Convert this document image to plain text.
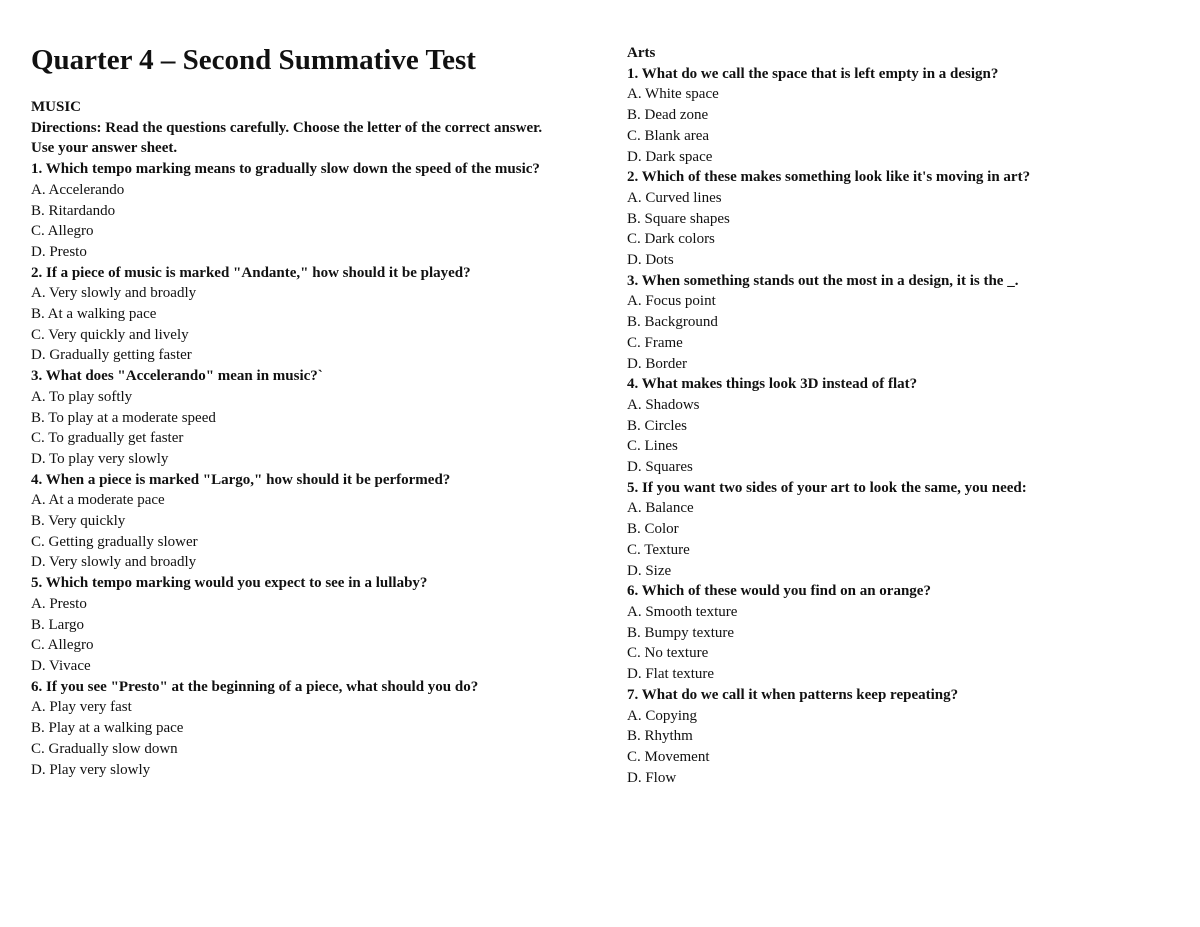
Quarter 4 – Second Summative Test

MUSIC

Directions: Read the questions carefully. Choose the letter of the correct answer. Use your answer sheet.

1. Which tempo marking means to gradually slow down the speed of the music?

A. Accelerando

B. Ritardando

C. Allegro

D. Presto

2. If a piece of music is marked "Andante," how should it be played?

A. Very slowly and broadly

B. At a walking pace

C. Very quickly and lively

D. Gradually getting faster

3. What does "Accelerando" mean in music?`

A. To play softly

B. To play at a moderate speed

C. To gradually get faster

D. To play very slowly

4. When a piece is marked "Largo," how should it be performed?

A. At a moderate pace

B. Very quickly

C. Getting gradually slower

D. Very slowly and broadly

5. Which tempo marking would you expect to see in a lullaby?

A. Presto

B. Largo

C. Allegro

D. Vivace

6. If you see "Presto" at the beginning of a piece, what should you do?

A. Play very fast

B. Play at a walking pace

C. Gradually slow down

D. Play very slowly

Arts

1. What do we call the space that is left empty in a design?

A. White space

B. Dead zone

C. Blank area

D. Dark space

2. Which of these makes something look like it's moving in art?

A. Curved lines

B. Square shapes

C. Dark colors

D. Dots

3. When something stands out the most in a design, it is the _.

A. Focus point

B. Background

C. Frame

D. Border

4. What makes things look 3D instead of flat?

A. Shadows

B. Circles

C. Lines

D. Squares

5. If you want two sides of your art to look the same, you need:

A. Balance

B. Color

C. Texture

D. Size

6. Which of these would you find on an orange?

A. Smooth texture

B. Bumpy texture

C. No texture

D. Flat texture

7. What do we call it when patterns keep repeating?

A. Copying

B. Rhythm

C. Movement

D. Flow
